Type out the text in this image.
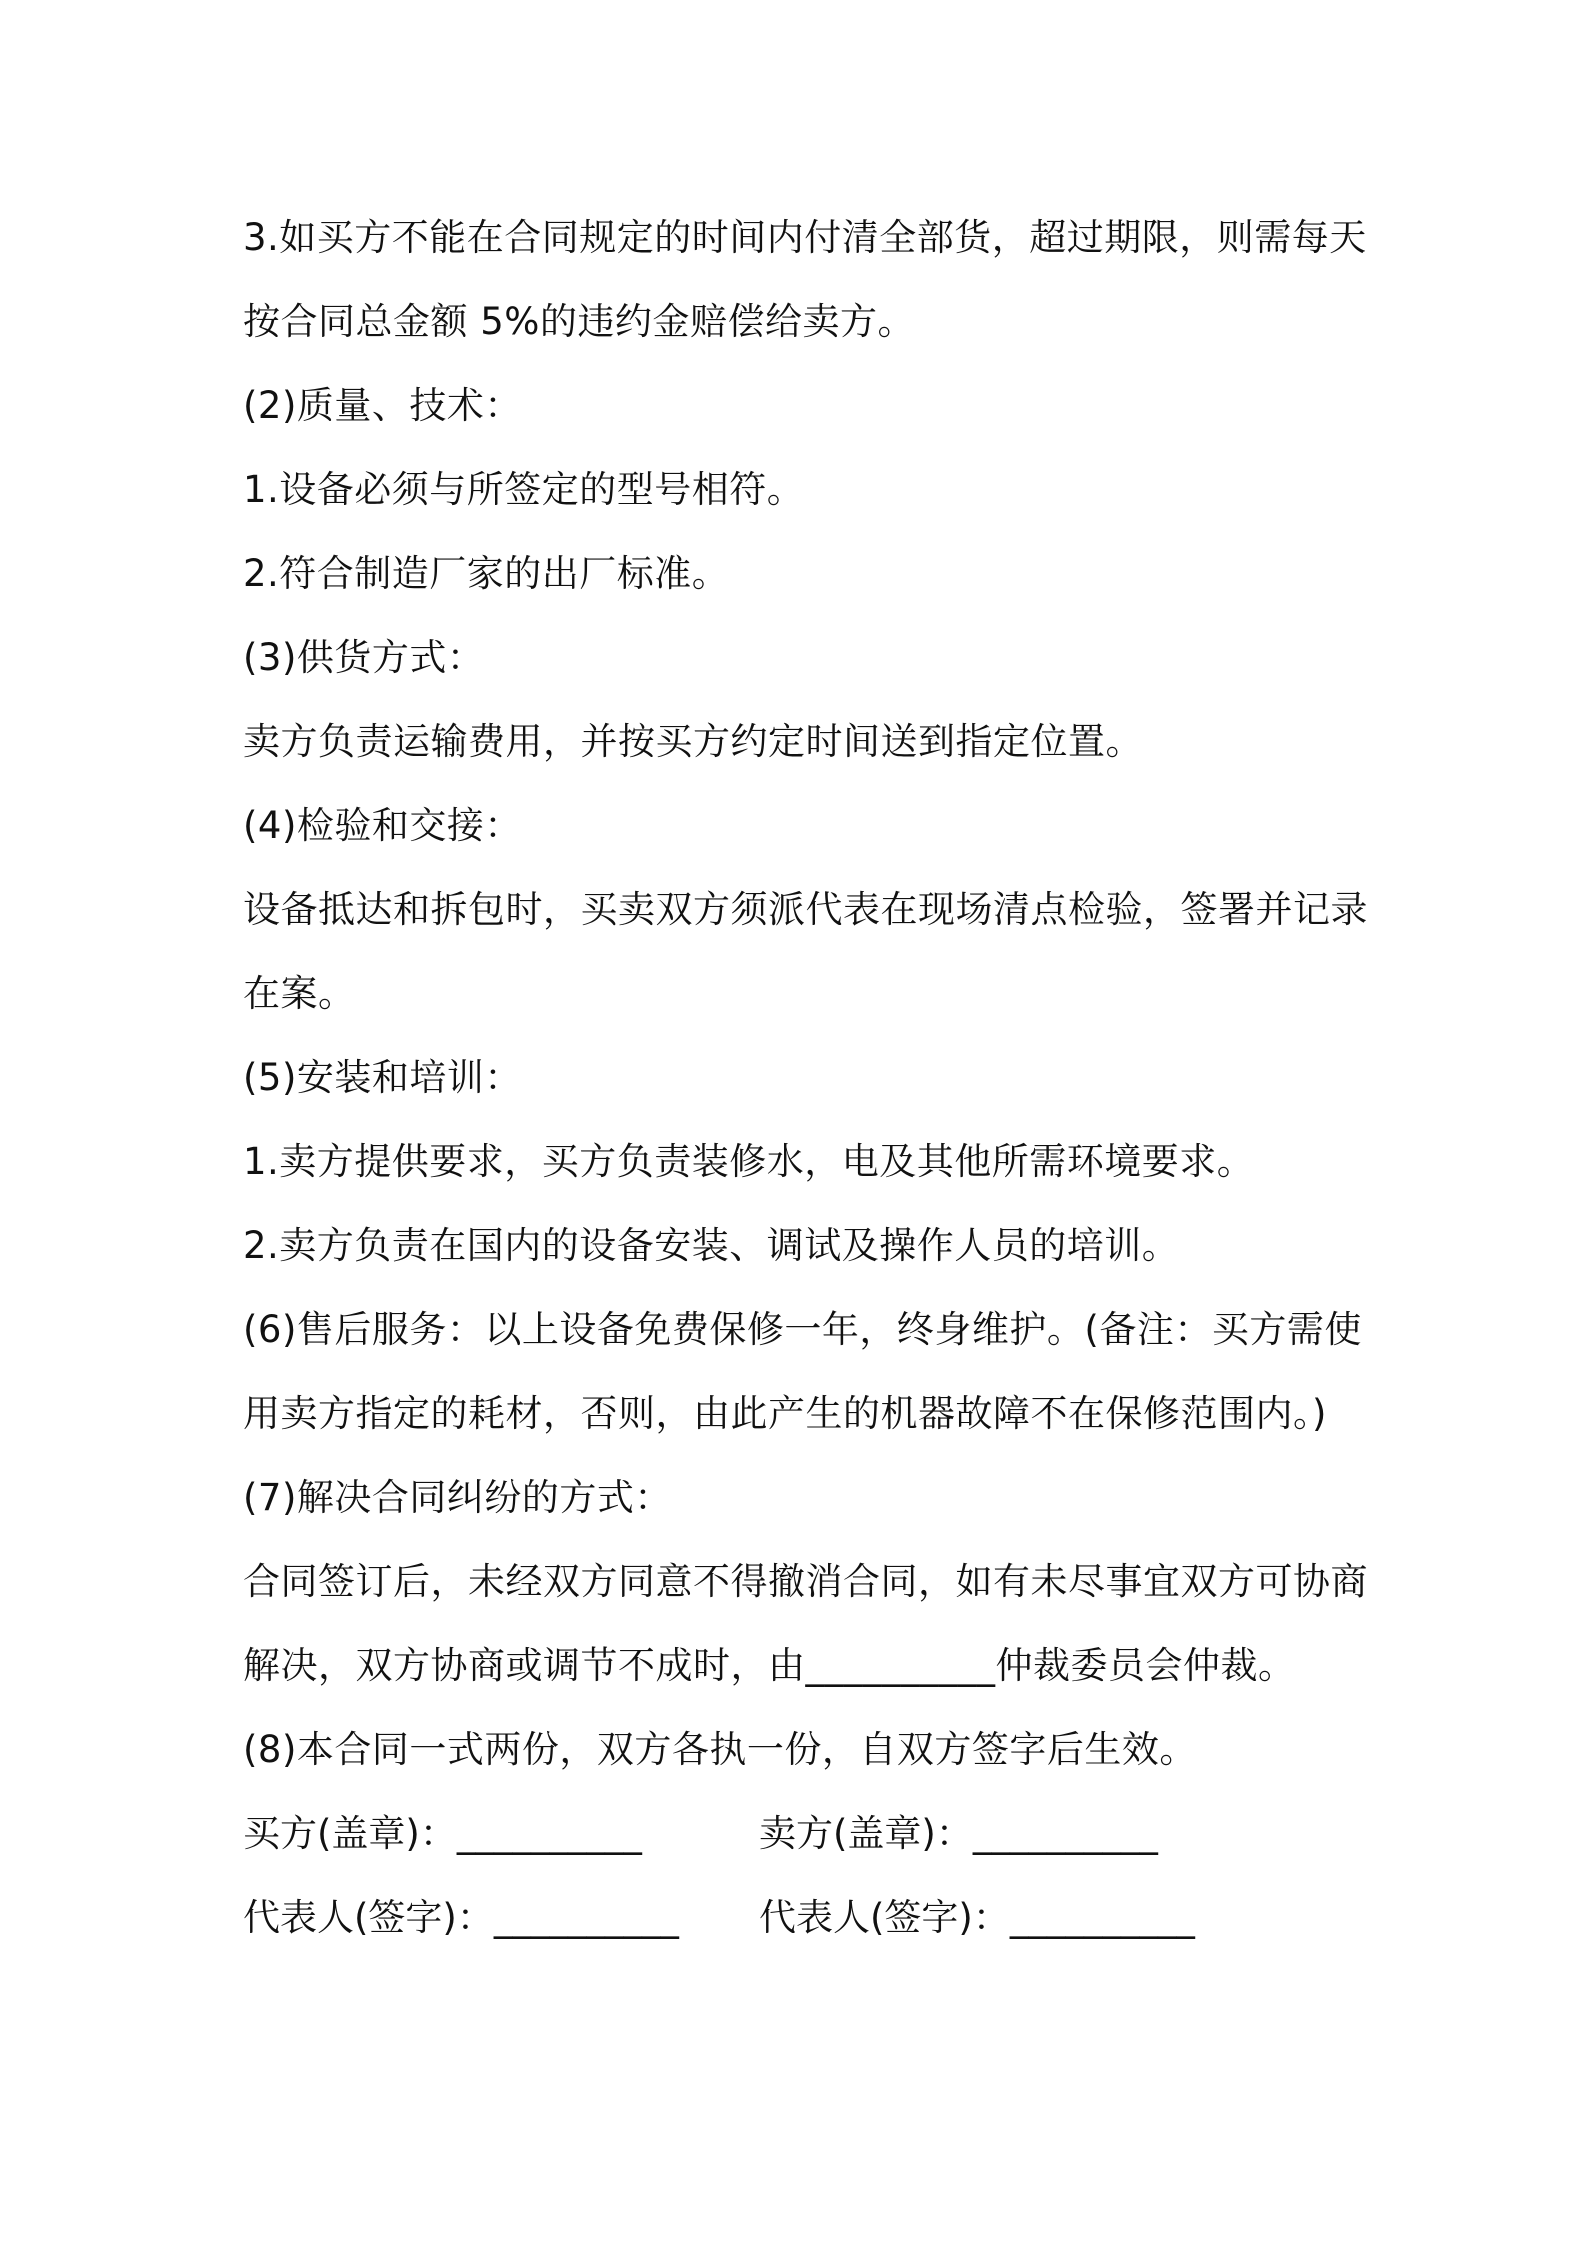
3.如买方不能在合同规定的时间内付清全部货，超过期限，则需每天
按合同总金额 5%的违约金赔偿给卖方。
(2)质量、技术：
1.设备必须与所签定的型号相符。
2.符合制造厂家的出厂标准。
(3)供货方式：
卖方负责运输费用，并按买方约定时间送到指定位置。
(4)检验和交接：
设备抵达和拆包时，买卖双方须派代表在现场清点检验，签署并记录
在案。
(5)安装和培训：
1.卖方提供要求，买方负责装修水，电及其他所需环境要求。
2.卖方负责在国内的设备安装、调试及操作人员的培训。
(6)售后服务：以上设备免费保修一年，终身维护。(备注：买方需使
用卖方指定的耗材，否则，由此产生的机器故障不在保修范围内。)
(7)解决合同纠纷的方式：
合同签订后，未经双方同意不得撤消合同，如有未尽事宜双方可协商
解决，双方协商或调节不成时，由__________仲裁委员会仲裁。
(8)本合同一式两份，双方各执一份，自双方签字后生效。
买方(盖章)：__________	卖方(盖章)：__________
代表人(签字)：__________ 代表人(签字)：__________
